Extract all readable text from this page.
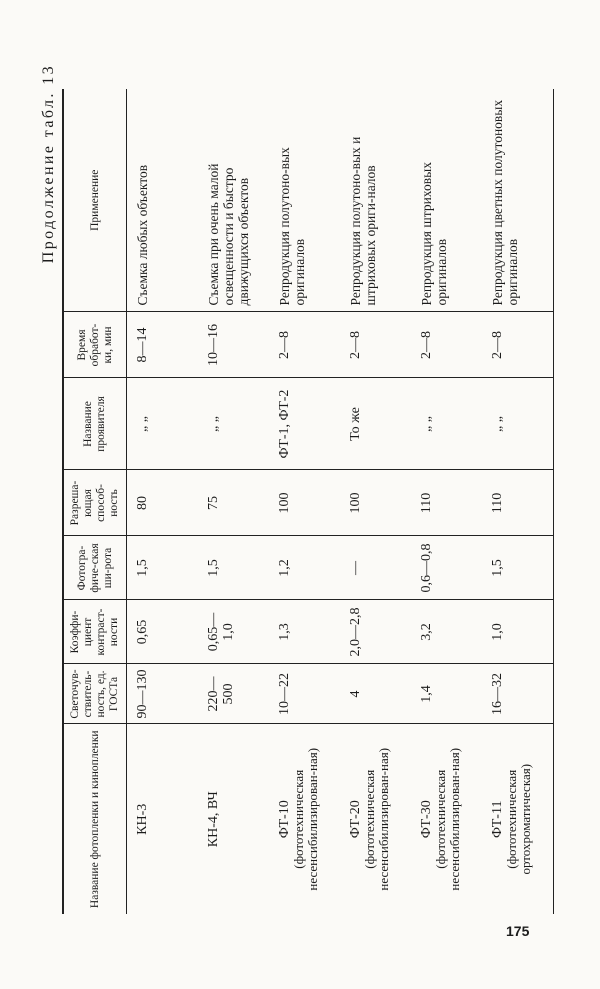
Продолжение табл. 13
Название фотопленки и кинопленки	Светочув-ствитель-ность, ед. ГОСТа	Коэффи-циент контраст-ности	Фотогра-фиче-ская ши-рота	Разреша-ющая способ-ность	Название проявителя	Время обработ-ки, мин	Применение

КН-3	90—130	0,65	1,5	80	„ „	8—14	Съемка любых объектов

КН-4, ВЧ	220—500	0,65—1,0	1,5	75	„ „	10—16	Съемка при очень малой освещенности и быстро движущихся объектов

ФТ-10 (фототехническая несенсибилизирован-ная)	10—22	1,3	1,2	100	ФТ-1, ФТ-2	2—8	Репродукция полутоно-вых оригиналов

ФТ-20 (фототехническая несенсибилизирован-ная)	4	2,0—2,8	—	100	То же	2—8	Репродукция полутоно-вых и штриховых ориги-налов

ФТ-30 (фототехническая несенсибилизирован-ная)	1,4	3,2	0,6—0,8	110	„ „	2—8	Репродукция штриховых оригиналов

ФТ-11 (фототехническая ортохроматическая)	16—32	1,0	1,5	110	„ „	2—8	Репродукция цветных полутоновых оригиналов
175
